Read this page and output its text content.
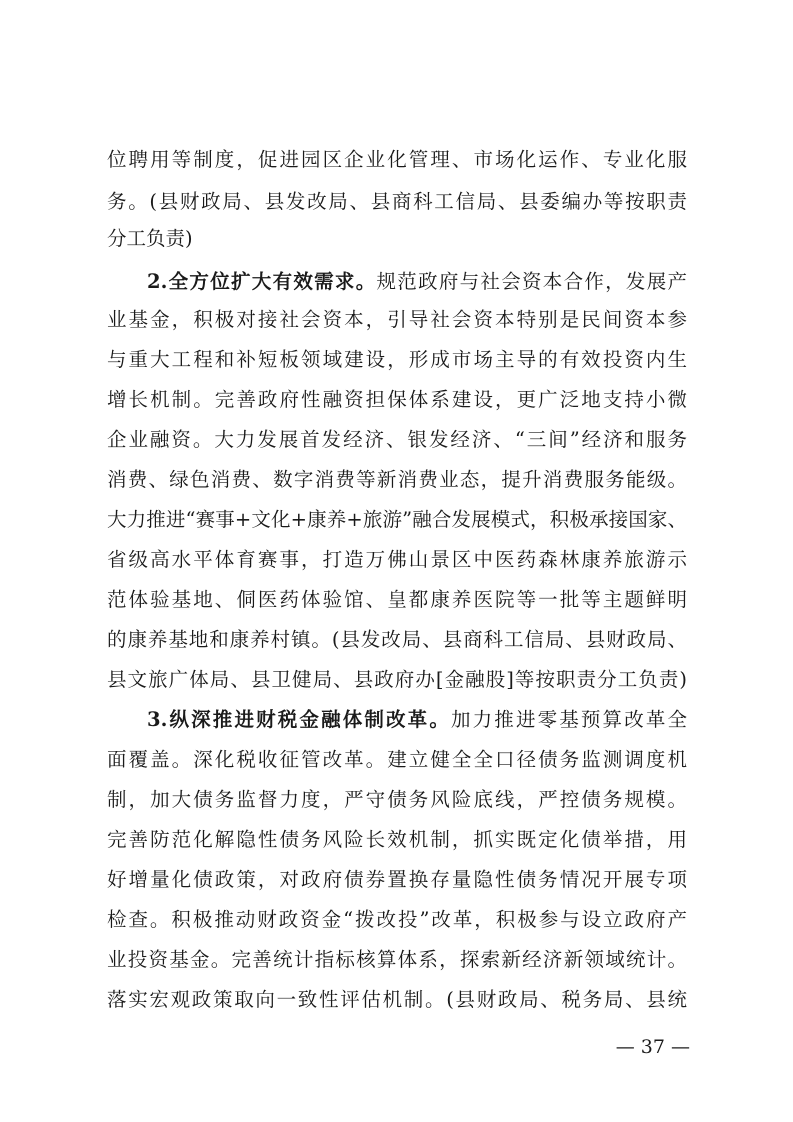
位聘用等制度，促进园区企业化管理、市场化运作、专业化服
务。(县财政局、县发改局、县商科工信局、县委编办等按职责
分工负责)
2.全方位扩大有效需求。规范政府与社会资本合作，发展产
业基金，积极对接社会资本，引导社会资本特别是民间资本参
与重大工程和补短板领域建设，形成市场主导的有效投资内生
增长机制。完善政府性融资担保体系建设，更广泛地支持小微
企业融资。大力发展首发经济、银发经济、“三间”经济和服务
消费、绿色消费、数字消费等新消费业态，提升消费服务能级。
大力推进“赛事+文化+康养+旅游”融合发展模式，积极承接国家、
省级高水平体育赛事，打造万佛山景区中医药森林康养旅游示
范体验基地、侗医药体验馆、皇都康养医院等一批等主题鲜明
的康养基地和康养村镇。(县发改局、县商科工信局、县财政局、
县文旅广体局、县卫健局、县政府办[金融股]等按职责分工负责)
3.纵深推进财税金融体制改革。加力推进零基预算改革全
面覆盖。深化税收征管改革。建立健全全口径债务监测调度机
制，加大债务监督力度，严守债务风险底线，严控债务规模。
完善防范化解隐性债务风险长效机制，抓实既定化债举措，用
好增量化债政策，对政府债券置换存量隐性债务情况开展专项
检查。积极推动财政资金“拨改投”改革，积极参与设立政府产
业投资基金。完善统计指标核算体系，探索新经济新领域统计。
落实宏观政策取向一致性评估机制。(县财政局、税务局、县统
— 37 —
